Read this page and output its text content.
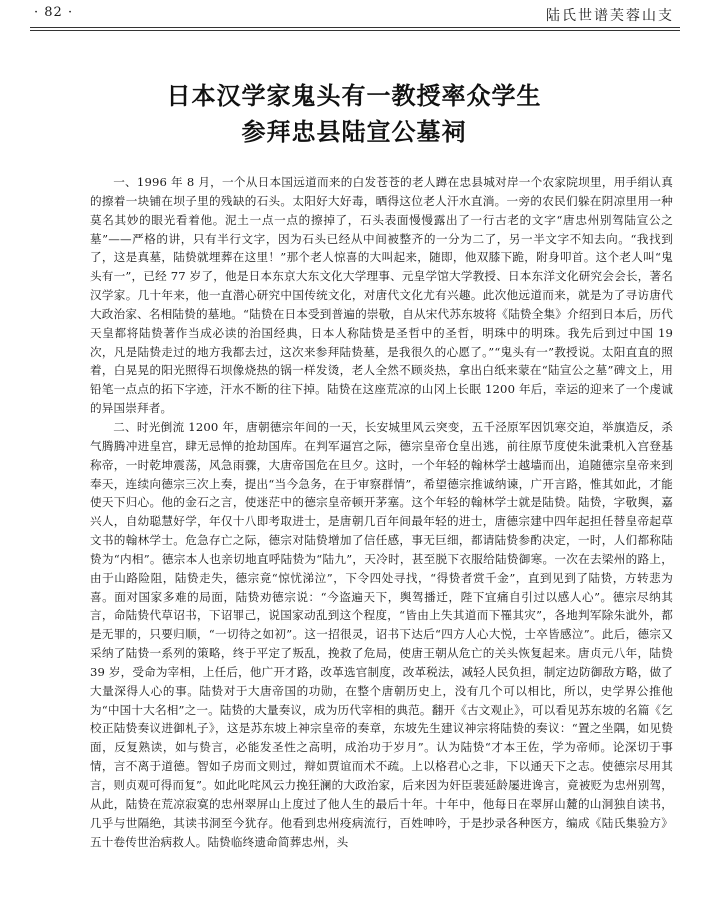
· 82 ·	陆氏世谱芙蓉山支
日本汉学家鬼头有一教授率众学生
参拜忠县陆宣公墓祠

一、1996 年 8 月，一个从日本国远道而来的白发苍苍的老人蹲在忠县城对岸一个农家院坝里，用手绢认真的擦着一块铺在坝子里的残缺的石头。太阳好大好毒，晒得这位老人汗水直淌。一旁的农民们躲在阴凉里用一种莫名其妙的眼光看着他。泥土一点一点的擦掉了，石头表面慢慢露出了一行古老的文字“唐忠州别驾陆宣公之墓”——严格的讲，只有半行文字，因为石头已经从中间被整齐的一分为二了，另一半文字不知去向。“我找到了，这是真墓，陆贽就埋葬在这里！”那个老人惊喜的大叫起来，随即，他双膝下跪，附身叩首。这个老人叫“鬼头有一”，已经 77 岁了，他是日本东京大东文化大学理事、元皇学馆大学教授、日本东洋文化研究会会长，著名汉学家。几十年来，他一直潜心研究中国传统文化，对唐代文化尤有兴趣。此次他远道而来，就是为了寻访唐代大政治家、名相陆贽的墓地。“陆贽在日本受到普遍的崇敬，自从宋代苏东坡将《陆贽全集》介绍到日本后，历代天皇都将陆贽著作当成必读的治国经典，日本人称陆贽是圣哲中的圣哲，明珠中的明珠。我先后到过中国 19 次，凡是陆贽走过的地方我都去过，这次来参拜陆贽墓，是我很久的心愿了。”“鬼头有一”教授说。太阳直直的照着，白晃晃的阳光照得石坝像烧热的锅一样发烫，老人全然不顾炎热，拿出白纸来蒙在“陆宣公之墓”碑文上，用铅笔一点点的拓下字迹，汗水不断的往下掉。陆贽在这座荒凉的山冈上长眠 1200 年后，幸运的迎来了一个虔诚的异国崇拜者。

二、时光倒流 1200 年，唐朝德宗年间的一天，长安城里风云突变，五千泾原军因饥寒交迫，举旗造反，杀气腾腾冲进皇宫，肆无忌惮的抢劫国库。在判军逼宫之际，德宗皇帝仓皇出逃，前往原节度使朱泚秉机入宫登基称帝，一时乾坤震荡，风急雨骤，大唐帝国危在旦夕。这时，一个年轻的翰林学士越墙而出，追随德宗皇帝来到奉天，连续向德宗三次上奏，提出“当今急务，在于审察群情”，希望德宗推诚纳谏，广开言路，惟其如此，才能使天下归心。他的金石之言，使迷茫中的德宗皇帝顿开茅塞。这个年轻的翰林学士就是陆贽。陆贽，字敬舆，嘉兴人，自幼聪慧好学，年仅十八即考取进士，是唐朝几百年间最年轻的进士，唐德宗建中四年起担任替皇帝起草文书的翰林学士。危急存亡之际，德宗对陆贽增加了信任感，事无巨细，都请陆贽参酌决定，一时，人们都称陆贽为“内相”。德宗本人也亲切地直呼陆贽为“陆九”，天冷时，甚至脱下衣服给陆贽御寒。一次在去梁州的路上，由于山路险阻，陆贽走失，德宗竟“惊忧涕泣”，下令四处寻找，“得贽者赏千金”，直到见到了陆贽，方转悲为喜。面对国家多难的局面，陆贽劝德宗说：“今盗遍天下，舆驾播迁，陛下宜痛自引过以感人心”。德宗尽纳其言，命陆贽代草诏书，下诏罪己，说国家动乱到这个程度，“皆由上失其道而下罹其灾”，各地判军除朱泚外，都是无罪的，只要归顺，“一切待之如初”。这一招很灵，诏书下达后“四方人心大悦，士卒皆感泣”。此后，德宗又采纳了陆贽一系列的策略，终于平定了叛乱，挽救了危局，使唐王朝从危亡的关头恢复起来。唐贞元八年，陆贽 39 岁，受命为宰相，上任后，他广开才路，改革选官制度，改革税法，减轻人民负担，制定边防御敌方略，做了大量深得人心的事。陆贽对于大唐帝国的功勋，在整个唐朝历史上，没有几个可以相比，所以，史学界公推他为“中国十大名相”之一。陆贽的大量奏议，成为历代宰相的典范。翻开《古文观止》，可以看见苏东坡的名篇《乞校正陆贽奏议进御札子》，这是苏东坡上神宗皇帝的奏章，东坡先生建议神宗将陆贽的奏议：“置之坐隅，如见贽面，反复熟读，如与贽言，必能发圣性之高明，成治功于岁月”。认为陆贽“才本王佐，学为帝师。论深切于事情，言不离于道德。智如子房而文则过，辩如贾谊而术不疏。上以格君心之非，下以通天下之志。使德宗尽用其言，则贞观可得而复”。如此叱咤风云力挽狂澜的大政治家，后来因为奸臣裴延龄屡进谗言，竟被贬为忠州别驾，从此，陆贽在荒凉寂寞的忠州翠屏山上度过了他人生的最后十年。十年中，他每日在翠屏山麓的山洞独自读书，几乎与世隔绝，其读书洞至今犹存。他看到忠州疫病流行，百姓呻吟，于是抄录各种医方，编成《陆氏集验方》五十卷传世治病救人。陆贽临终遗命简葬忠州，头
